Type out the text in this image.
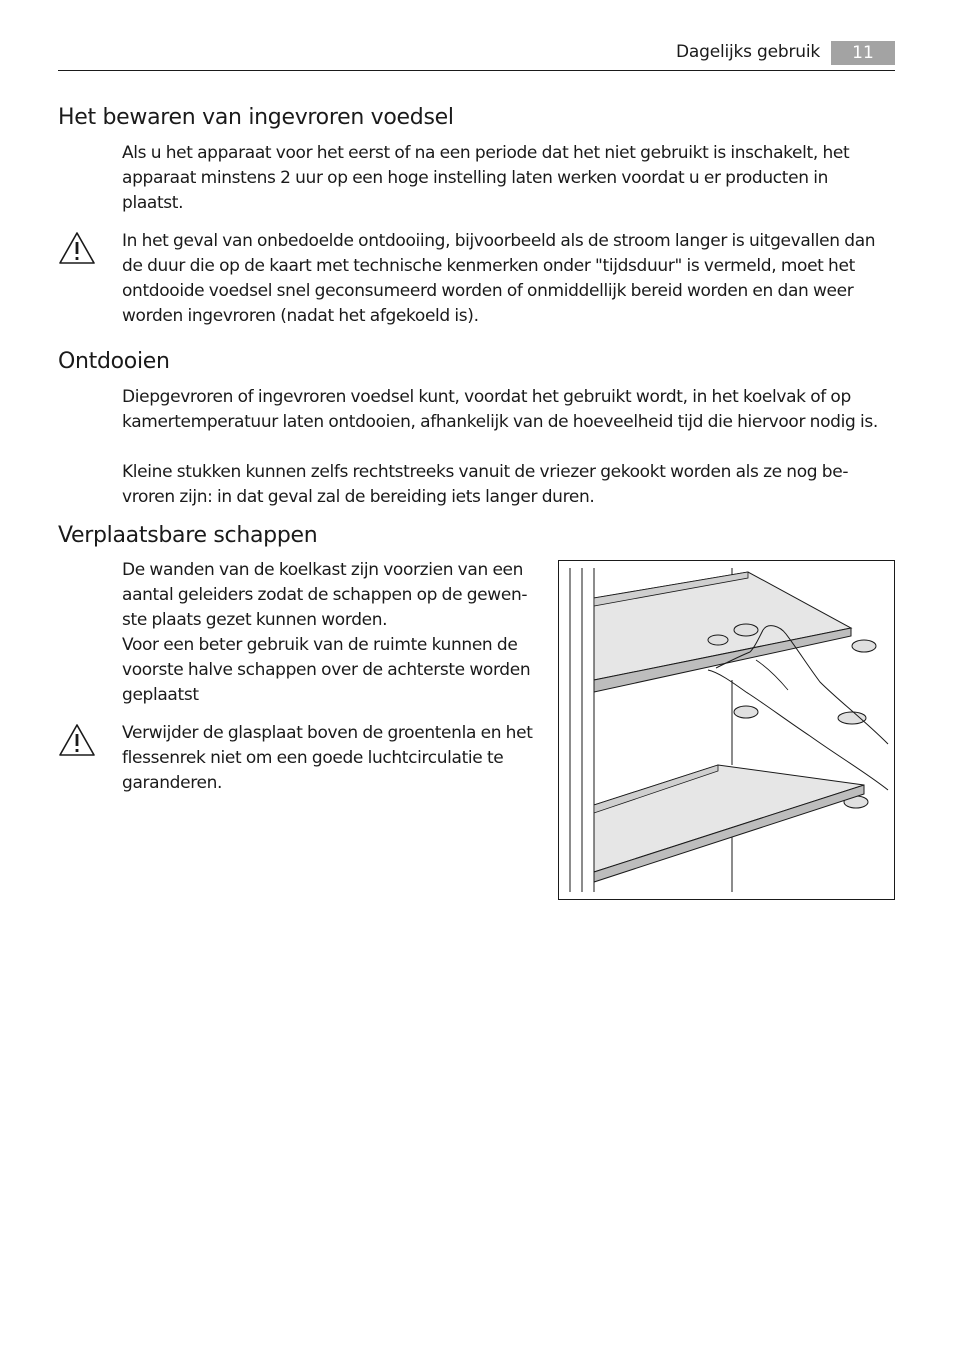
Dagelijks gebruik	11
Het bewaren van ingevroren voedsel

Als u het apparaat voor het eerst of na een periode dat het niet gebruikt is inschakelt, het apparaat minstens 2 uur op een hoge instelling laten werken voordat u er producten in plaatst.

In het geval van onbedoelde ontdooiing, bijvoorbeeld als de stroom langer is uitgevallen dan de duur die op de kaart met technische kenmerken onder "tijdsduur" is vermeld, moet het ontdooide voedsel snel geconsumeerd worden of onmiddellijk bereid worden en dan weer worden ingevroren (nadat het afgekoeld is).

Ontdooien

Diepgevroren of ingevroren voedsel kunt, voordat het gebruikt wordt, in het koelvak of op kamertemperatuur laten ontdooien, afhankelijk van de hoeveelheid tijd die hiervoor nodig is.

Kleine stukken kunnen zelfs rechtstreeks vanuit de vriezer gekookt worden als ze nog be-vroren zijn: in dat geval zal de bereiding iets langer duren.

Verplaatsbare schappen

De wanden van de koelkast zijn voorzien van een aantal geleiders zodat de schappen op de gewen-ste plaats gezet kunnen worden.

Voor een beter gebruik van de ruimte kunnen de voorste halve schappen over de achterste worden geplaatst

Verwijder de glasplaat boven de groentenla en het flessenrek niet om een goede luchtcirculatie te garanderen.
